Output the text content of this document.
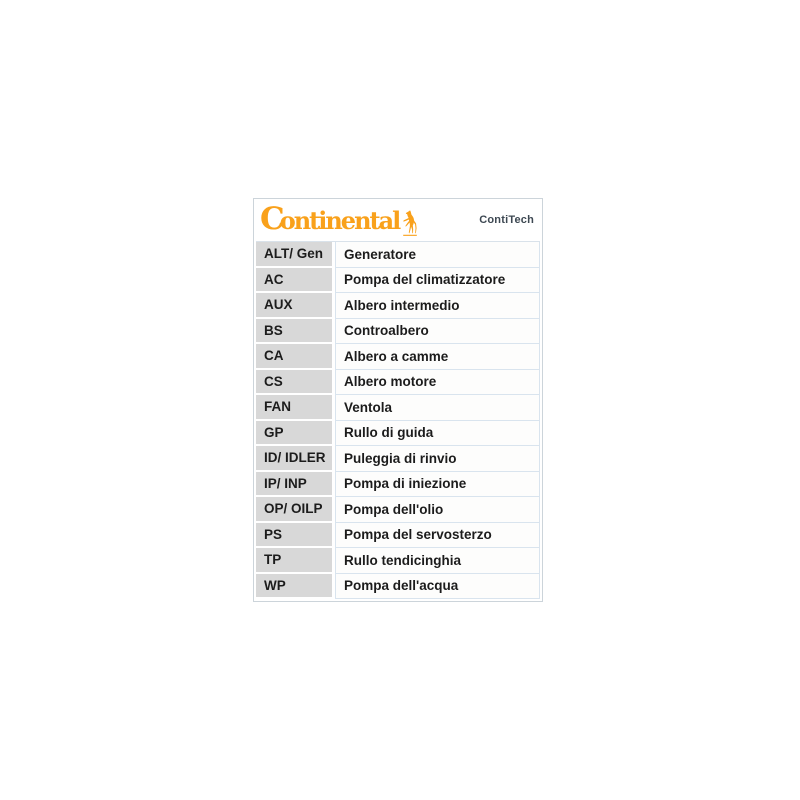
Continental	ContiTech
ALT/ Gen	Generatore
AC	Pompa del climatizzatore
AUX	Albero intermedio
BS	Controalbero
CA	Albero a camme
CS	Albero motore
FAN	Ventola
GP	Rullo di guida
ID/ IDLER	Puleggia di rinvio
IP/ INP	Pompa di iniezione
OP/ OILP	Pompa dell'olio
PS	Pompa del servosterzo
TP	Rullo tendicinghia
WP	Pompa dell'acqua
